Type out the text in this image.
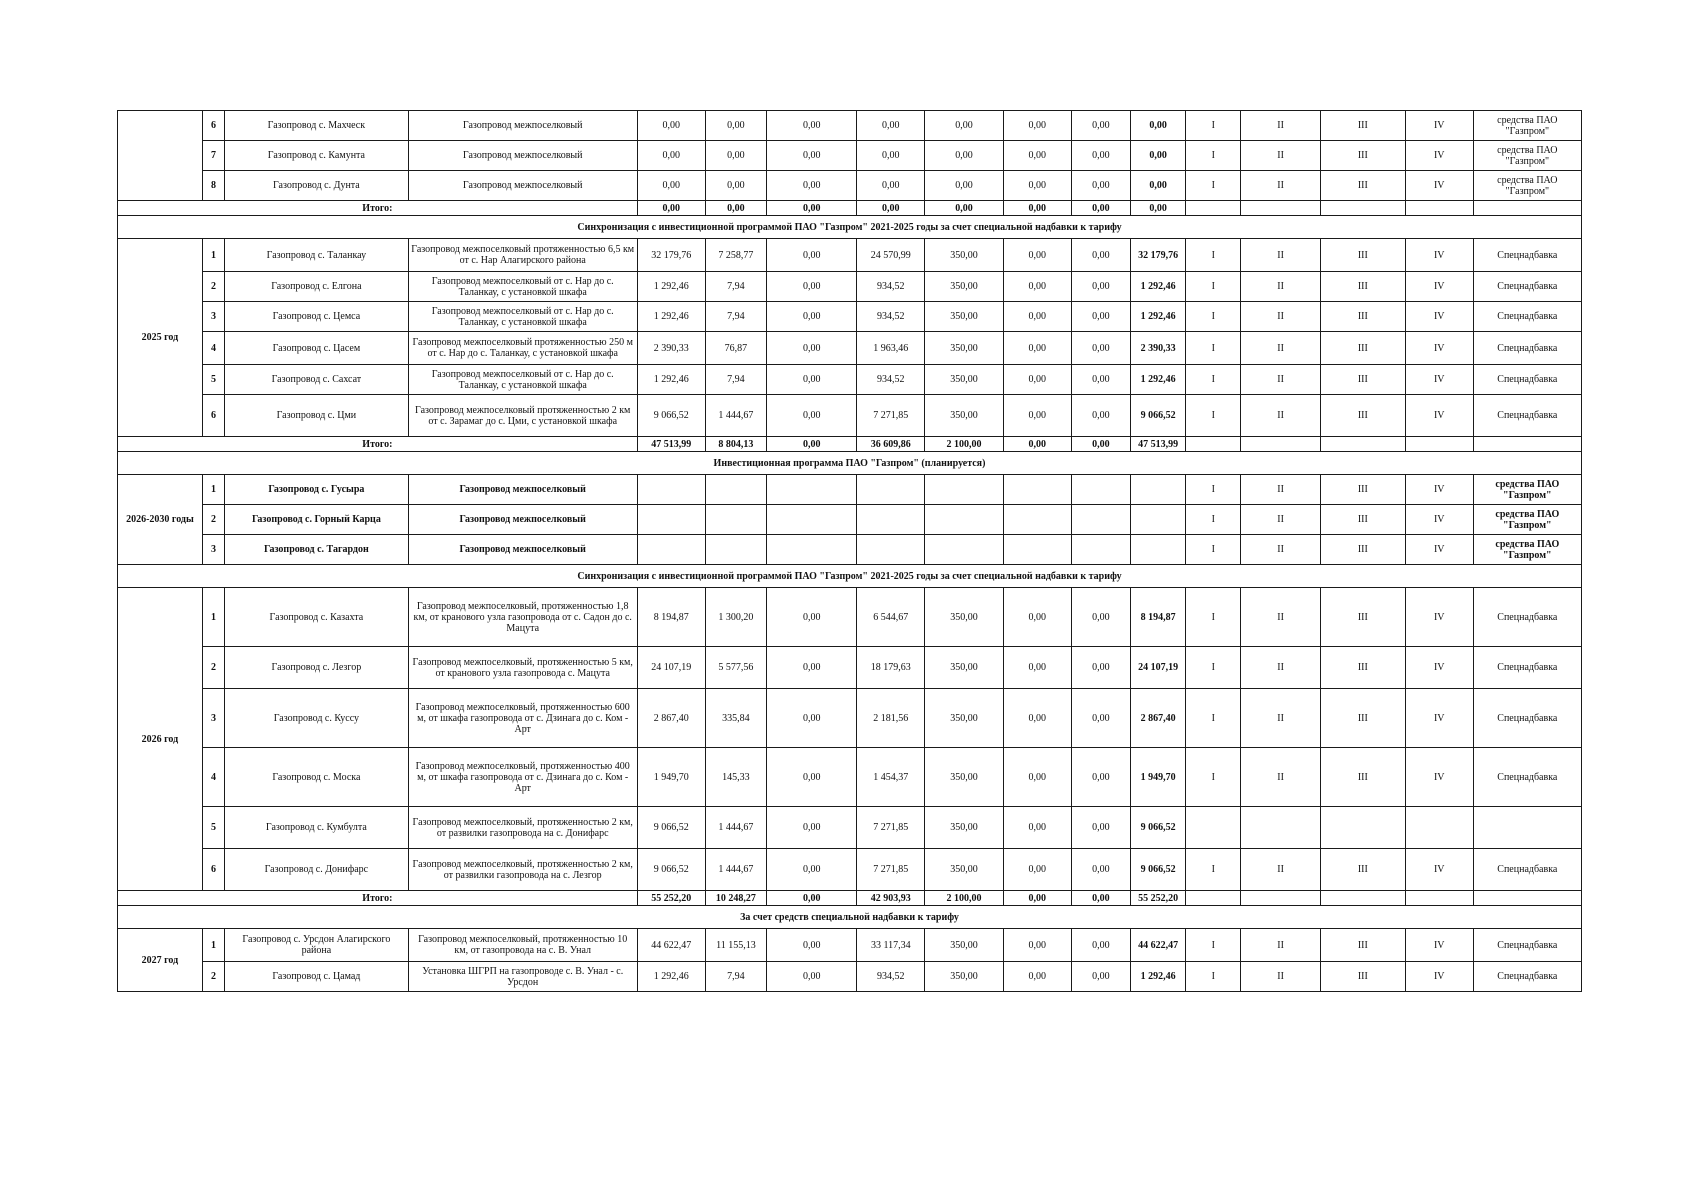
	6	Газопровод с. Махческ	Газопровод межпоселковый	0,00	0,00	0,00	0,00	0,00	0,00	0,00	0,00	I	II	III	IV	средства ПАО "Газпром"
	7	Газопровод с. Камунта	Газопровод межпоселковый	0,00	0,00	0,00	0,00	0,00	0,00	0,00	0,00	I	II	III	IV	средства ПАО "Газпром"
	8	Газопровод с. Дунта	Газопровод межпоселковый	0,00	0,00	0,00	0,00	0,00	0,00	0,00	0,00	I	II	III	IV	средства ПАО "Газпром"
Итого:				0,00	0,00	0,00	0,00	0,00	0,00	0,00	0,00					
Синхронизация с инвестиционной программой ПАО "Газпром" 2021-2025 годы за счет специальной надбавки к тарифу																
2025 год	1	Газопровод с. Таланкау	Газопровод межпоселковый протяженностью 6,5 км от с. Нар Алагирского района	32 179,76	7 258,77	0,00	24 570,99	350,00	0,00	0,00	32 179,76	I	II	III	IV	Спецнадбавка
	2	Газопровод с. Елгона	Газопровод межпоселковый от с. Нар до с. Таланкау, с установкой шкафа	1 292,46	7,94	0,00	934,52	350,00	0,00	0,00	1 292,46	I	II	III	IV	Спецнадбавка
	3	Газопровод с. Цемса	Газопровод межпоселковый от с. Нар до с. Таланкау, с установкой шкафа	1 292,46	7,94	0,00	934,52	350,00	0,00	0,00	1 292,46	I	II	III	IV	Спецнадбавка
	4	Газопровод с. Цасем	Газопровод межпоселковый протяженностью 250 м от с. Нар до с. Таланкау, с установкой шкафа	2 390,33	76,87	0,00	1 963,46	350,00	0,00	0,00	2 390,33	I	II	III	IV	Спецнадбавка
	5	Газопровод с. Сахсат	Газопровод межпоселковый от с. Нар до с. Таланкау, с установкой шкафа	1 292,46	7,94	0,00	934,52	350,00	0,00	0,00	1 292,46	I	II	III	IV	Спецнадбавка
	6	Газопровод с. Цми	Газопровод межпоселковый протяженностью 2 км от с. Зарамаг до с. Цми, с установкой шкафа	9 066,52	1 444,67	0,00	7 271,85	350,00	0,00	0,00	9 066,52	I	II	III	IV	Спецнадбавка
Итого:				47 513,99	8 804,13	0,00	36 609,86	2 100,00	0,00	0,00	47 513,99					
Инвестиционная программа ПАО "Газпром" (планируется)																
2026-2030 годы	1	Газопровод с. Гусыра	Газопровод межпоселковый									I	II	III	IV	средства ПАО "Газпром"
	2	Газопровод с. Горный Карца	Газопровод межпоселковый									I	II	III	IV	средства ПАО "Газпром"
	3	Газопровод с. Тагардон	Газопровод межпоселковый									I	II	III	IV	средства ПАО "Газпром"
Синхронизация с инвестиционной программой ПАО "Газпром" 2021-2025 годы за счет специальной надбавки к тарифу																
2026 год	1	Газопровод с. Казахта	Газопровод межпоселковый, протяженностью 1,8 км, от кранового узла газопровода от с. Садон до с. Мацута	8 194,87	1 300,20	0,00	6 544,67	350,00	0,00	0,00	8 194,87	I	II	III	IV	Спецнадбавка
	2	Газопровод с. Лезгор	Газопровод межпоселковый, протяженностью 5 км, от кранового узла газопровода с. Мацута	24 107,19	5 577,56	0,00	18 179,63	350,00	0,00	0,00	24 107,19	I	II	III	IV	Спецнадбавка
	3	Газопровод с. Куссу	Газопровод межпоселковый, протяженностью 600 м, от шкафа газопровода от с. Дзинага до с. Ком - Арт	2 867,40	335,84	0,00	2 181,56	350,00	0,00	0,00	2 867,40	I	II	III	IV	Спецнадбавка
	4	Газопровод с. Моска	Газопровод межпоселковый, протяженностью 400 м, от шкафа газопровода от с. Дзинага до с. Ком - Арт	1 949,70	145,33	0,00	1 454,37	350,00	0,00	0,00	1 949,70	I	II	III	IV	Спецнадбавка
	5	Газопровод с. Кумбулта	Газопровод межпоселковый, протяженностью 2 км, от развилки газопровода на с. Донифарс	9 066,52	1 444,67	0,00	7 271,85	350,00	0,00	0,00	9 066,52					
	6	Газопровод с. Донифарс	Газопровод межпоселковый, протяженностью 2 км, от развилки газопровода на с. Лезгор	9 066,52	1 444,67	0,00	7 271,85	350,00	0,00	0,00	9 066,52	I	II	III	IV	Спецнадбавка
Итого:				55 252,20	10 248,27	0,00	42 903,93	2 100,00	0,00	0,00	55 252,20					
За счет средств специальной надбавки к тарифу																
2027 год	1	Газопровод с. Урсдон Алагирского района	Газопровод межпоселковый, протяженностью 10 км, от газопровода на с. В. Унал	44 622,47	11 155,13	0,00	33 117,34	350,00	0,00	0,00	44 622,47	I	II	III	IV	Спецнадбавка
	2	Газопровод с. Цамад	Установка ШГРП на газопроводе с. В. Унал - с. Урсдон	1 292,46	7,94	0,00	934,52	350,00	0,00	0,00	1 292,46	I	II	III	IV	Спецнадбавка
